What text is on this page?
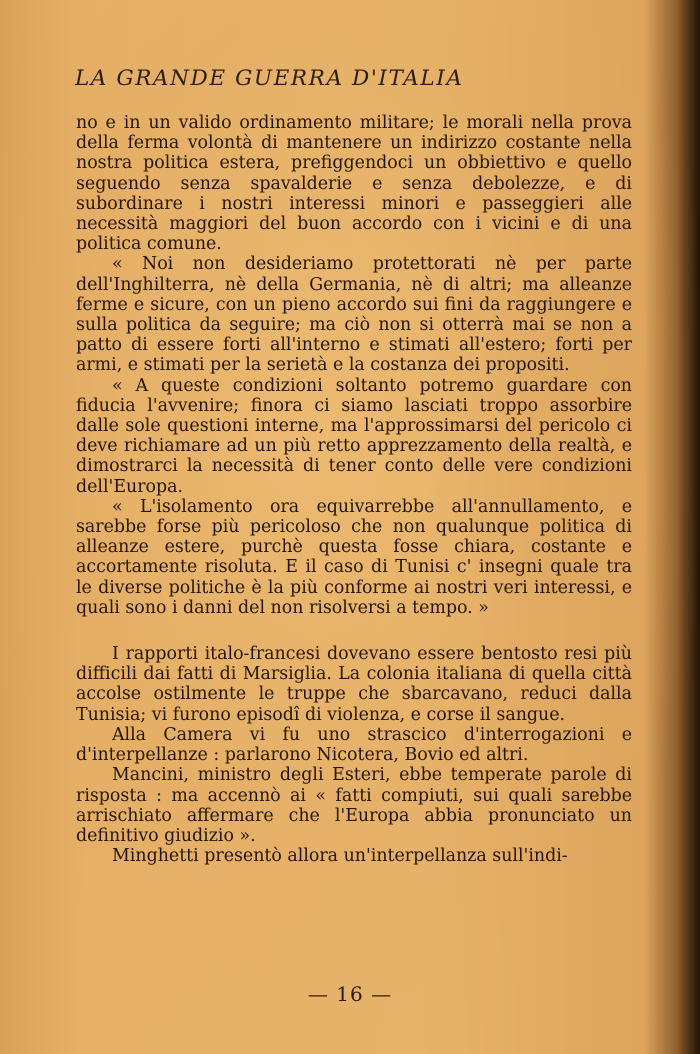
LA GRANDE GUERRA D'ITALIA

no e in un valido ordinamento militare; le morali nella prova della ferma volontà di mantenere un indirizzo costante nella nostra politica estera, prefiggendoci un obbiettivo e quello seguendo senza spavalderie e senza debolezze, e di subordinare i nostri interessi minori e passeggieri alle necessità maggiori del buon accordo con i vicini e di una politica comune.

« Noi non desideriamo protettorati nè per parte dell'Inghilterra, nè della Germania, nè di altri; ma alleanze ferme e sicure, con un pieno accordo sui fini da raggiungere e sulla politica da seguire; ma ciò non si otterrà mai se non a patto di essere forti all'interno e stimati all'estero; forti per armi, e stimati per la serietà e la costanza dei propositi.

« A queste condizioni soltanto potremo guardare con fiducia l'avvenire; finora ci siamo lasciati troppo assorbire dalle sole questioni interne, ma l'approssimarsi del pericolo ci deve richiamare ad un più retto apprezzamento della realtà, e dimostrarci la necessità di tener conto delle vere condizioni dell'Europa.

« L'isolamento ora equivarrebbe all'annullamento, e sarebbe forse più pericoloso che non qualunque politica di alleanze estere, purchè questa fosse chiara, costante e accortamente risoluta. E il caso di Tunisi c' insegni quale tra le diverse politiche è la più conforme ai nostri veri interessi, e quali sono i danni del non risolversi a tempo. »

I rapporti italo-francesi dovevano essere bentosto resi più difficili dai fatti di Marsiglia. La colonia italiana di quella città accolse ostilmente le truppe che sbarcavano, reduci dalla Tunisia; vi furono episodî di violenza, e corse il sangue.

Alla Camera vi fu uno strascico d'interrogazioni e d'interpellanze : parlarono Nicotera, Bovio ed altri.

Mancini, ministro degli Esteri, ebbe temperate parole di risposta : ma accennò ai « fatti compiuti, sui quali sarebbe arrischiato affermare che l'Europa abbia pronunciato un definitivo giudizio ».

Minghetti presentò allora un'interpellanza sull'indi-

— 16 —
